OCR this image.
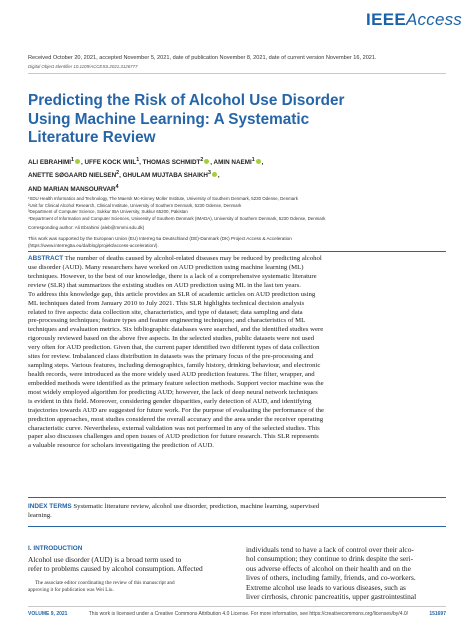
IEEE Access
Received October 20, 2021, accepted November 5, 2021, date of publication November 8, 2021, date of current version November 16, 2021.
Digital Object Identifier 10.1109/ACCESS.2021.3126777
Predicting the Risk of Alcohol Use Disorder
Using Machine Learning: A Systematic
Literature Review
ALI EBRAHIMI$^1$ , UFFE KOCK WIIL$^1$, THOMAS SCHMIDT$^2$ , AMIN NAEMI$^1$ ,
ANETTE SØGAARD NIELSEN$^2$, GHULAM MUJTABA SHAIKH$^3$ ,
AND MARIAN MANSOURVAR$^4$
¹SDU Health Informatics and Technology, The Maersk Mc-Kinney Moller Institute, University of Southern Denmark, 5230 Odense, Denmark
²Unit for Clinical Alcohol Research, Clinical Institute, University of Southern Denmark, 5230 Odense, Denmark
³Department of Computer Science, Sukkur IBA University, Sukkur 65200, Pakistan
⁴Department of Information and Computer Sciences, University of Southern Denmark (IMADA), University of Southern Denmark, 5230 Odense, Denmark
Corresponding author: Ali Ebrahimi (aleb@mmmi.sdu.dk)
This work was supported by the European Union (EU) Interreg 5a Deutschland (DE)-Danmark (DK) Project Access & Acceleration
(https://www.interreg5a.eu/da/blog/projekt/access-acceleration/).
ABSTRACT The number of deaths caused by alcohol-related diseases may be reduced by predicting alcohol
use disorder (AUD). Many researchers have worked on AUD prediction using machine learning (ML)
techniques. However, to the best of our knowledge, there is a lack of a comprehensive systematic literature
review (SLR) that summarizes the existing studies on AUD prediction using ML in the last ten years.
To address this knowledge gap, this article provides an SLR of academic articles on AUD prediction using
ML techniques dated from January 2010 to July 2021. This SLR highlights technical decision analysis
related to five aspects: data collection site, characteristics, and type of dataset; data sampling and data
pre-processing techniques; feature types and feature engineering techniques; and characteristics of ML
techniques and evaluation metrics. Six bibliographic databases were searched, and the identified studies were
rigorously reviewed based on the above five aspects. In the selected studies, public datasets were not used
very often for AUD prediction. Given that, the current paper identified two different types of data collection
sites for review. Imbalanced class distribution in datasets was the primary focus of the pre-processing and
sampling steps. Various features, including demographics, family history, drinking behaviour, and electronic
health records, were introduced as the more widely used AUD prediction features. The filter, wrapper, and
embedded methods were identified as the primary feature selection methods. Support vector machine was the
most widely employed algorithm for predicting AUD; however, the lack of deep neural network techniques
is evident in this field. Moreover, considering gender disparities, early detection of AUD, and identifying
trajectories towards AUD are suggested for future work. For the purpose of evaluating the performance of the
prediction approaches, most studies considered the overall accuracy and the area under the receiver operating
characteristic curve. Nevertheless, external validation was not performed in any of the selected studies. This
paper also discusses challenges and open issues of AUD prediction for future research. This SLR represents
a valuable resource for scholars investigating the prediction of AUD.
INDEX TERMS Systematic literature review, alcohol use disorder, prediction, machine learning, supervised
learning.
I. INTRODUCTION
Alcohol use disorder (AUD) is a broad term used to
refer to problems caused by alcohol consumption. Affected
The associate editor coordinating the review of this manuscript and
approving it for publication was Wei Liu.
individuals tend to have a lack of control over their alco-
hol consumption; they continue to drink despite the seri-
ous adverse effects of alcohol on their health and on the
lives of others, including family, friends, and co-workers.
Extreme alcohol use leads to various diseases, such as
liver cirrhosis, chronic pancreatitis, upper gastrointestinal
VOLUME 9, 2021	This work is licensed under a Creative Commons Attribution 4.0 License. For more information, see https://creativecommons.org/licenses/by/4.0/	151697
